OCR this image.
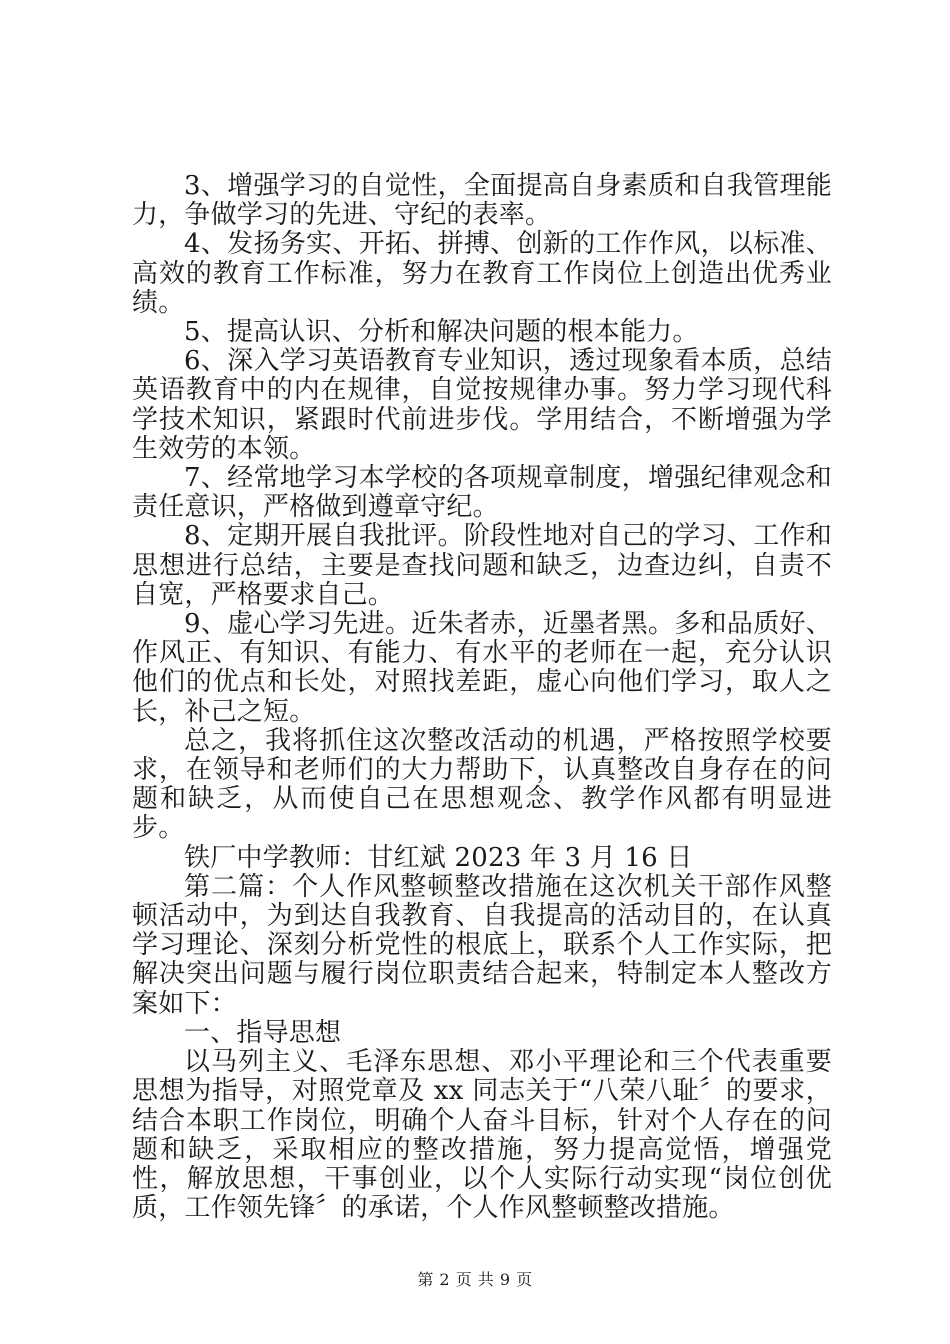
3、增强学习的自觉性，全面提高自身素质和自我管理能力，争做学习的先进、守纪的表率。

4、发扬务实、开拓、拼搏、创新的工作作风，以标准、高效的教育工作标准，努力在教育工作岗位上创造出优秀业绩。

5、提高认识、分析和解决问题的根本能力。

6、深入学习英语教育专业知识，透过现象看本质，总结英语教育中的内在规律，自觉按规律办事。努力学习现代科学技术知识，紧跟时代前进步伐。学用结合，不断增强为学生效劳的本领。

7、经常地学习本学校的各项规章制度，增强纪律观念和责任意识，严格做到遵章守纪。

8、定期开展自我批评。阶段性地对自己的学习、工作和思想进行总结，主要是查找问题和缺乏，边查边纠，自责不自宽，严格要求自己。

9、虚心学习先进。近朱者赤，近墨者黑。多和品质好、作风正、有知识、有能力、有水平的老师在一起，充分认识他们的优点和长处，对照找差距，虚心向他们学习，取人之长，补己之短。

总之，我将抓住这次整改活动的机遇，严格按照学校要求，在领导和老师们的大力帮助下，认真整改自身存在的问题和缺乏，从而使自己在思想观念、教学作风都有明显进步。

铁厂中学教师：甘红斌 2023 年 3 月 16 日

第二篇：个人作风整顿整改措施在这次机关干部作风整顿活动中，为到达自我教育、自我提高的活动目的，在认真学习理论、深刻分析党性的根底上，联系个人工作实际，把解决突出问题与履行岗位职责结合起来，特制定本人整改方案如下：

一、指导思想

以马列主义、毛泽东思想、邓小平理论和三个代表重要思想为指导，对照党章及 xx 同志关于“八荣八耻〞的要求，结合本职工作岗位，明确个人奋斗目标，针对个人存在的问题和缺乏，采取相应的整改措施，努力提高觉悟，增强党性，解放思想，干事创业，以个人实际行动实现“岗位创优质，工作领先锋〞的承诺，个人作风整顿整改措施。

第 2 页 共 9 页
